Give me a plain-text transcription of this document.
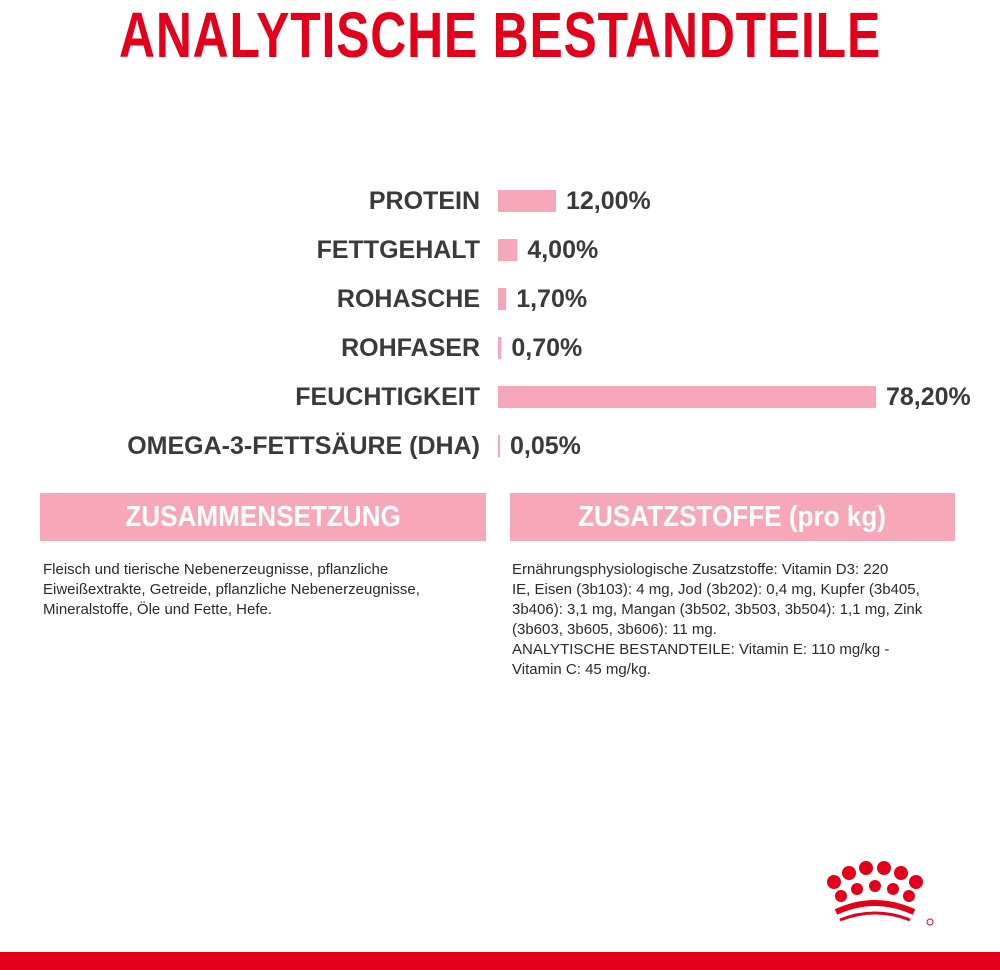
ANALYTISCHE BESTANDTEILE
PROTEIN	12,00%
FETTGEHALT 4,00%
ROHASCHE 1,70%
ROHFASER 0,70%
FEUCHTIGKEIT	78,20%
OMEGA-3-FETTSÄURE (DHA) 0,05%
ZUSAMMENSETZUNG	ZUSATZSTOFFE (pro kg)
Fleisch und tierische Nebenerzeugnisse, pflanzliche
Eiweißextrakte, Getreide, pflanzliche Nebenerzeugnisse,
Mineralstoffe, Öle und Fette, Hefe.
Ernährungsphysiologische Zusatzstoffe: Vitamin D3: 220
IE, Eisen (3b103): 4 mg, Jod (3b202): 0,4 mg, Kupfer (3b405,
3b406): 3,1 mg, Mangan (3b502, 3b503, 3b504): 1,1 mg, Zink
(3b603, 3b605, 3b606): 11 mg.
ANALYTISCHE BESTANDTEILE: Vitamin E: 110 mg/kg -
Vitamin C: 45 mg/kg.
